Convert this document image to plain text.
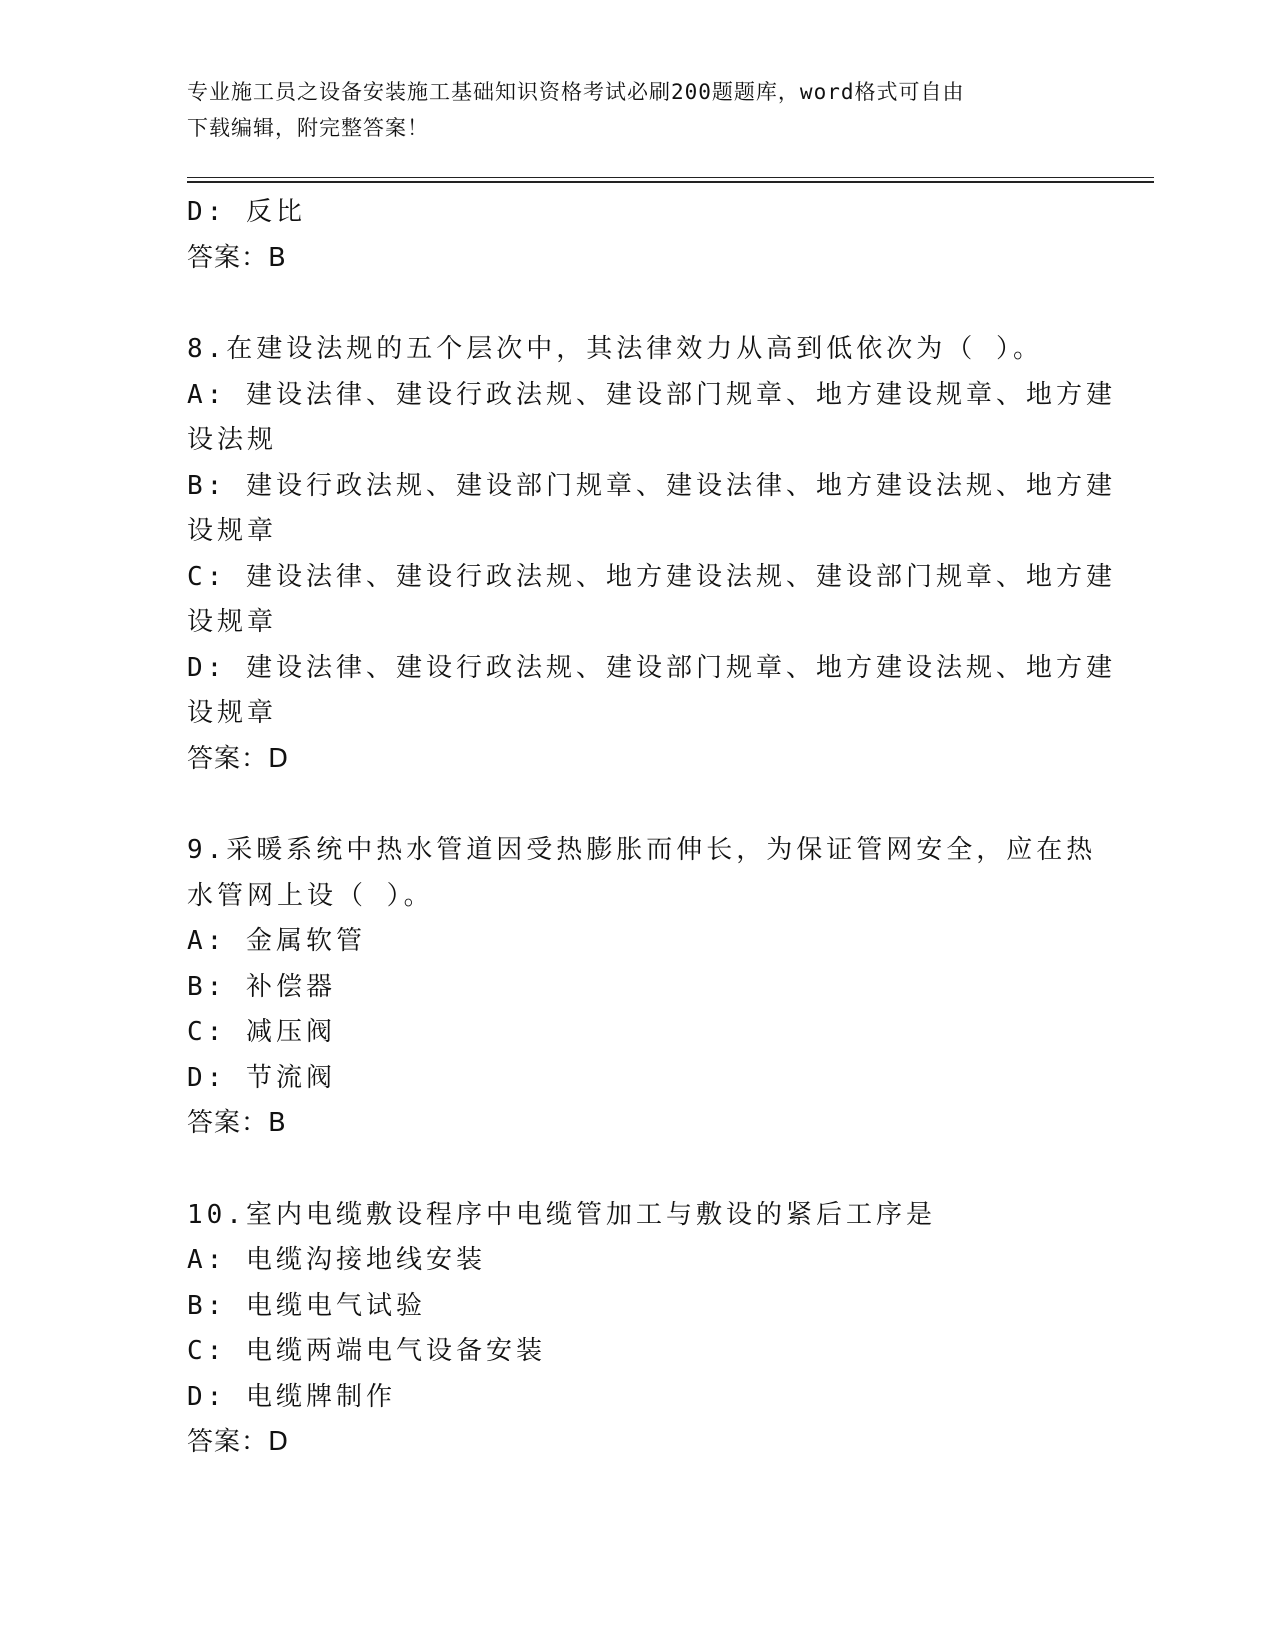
专业施工员之设备安装施工基础知识资格考试必刷200题题库，word格式可自由

下载编辑，附完整答案！

D: 反比

答案：B

8.在建设法规的五个层次中，其法律效力从高到低依次为（ ）。

A: 建设法律、建设行政法规、建设部门规章、地方建设规章、地方建

设法规

B: 建设行政法规、建设部门规章、建设法律、地方建设法规、地方建

设规章

C: 建设法律、建设行政法规、地方建设法规、建设部门规章、地方建

设规章

D: 建设法律、建设行政法规、建设部门规章、地方建设法规、地方建

设规章

答案：D

9.采暖系统中热水管道因受热膨胀而伸长，为保证管网安全，应在热

水管网上设（ ）。

A: 金属软管

B: 补偿器

C: 减压阀

D: 节流阀

答案：B

10.室内电缆敷设程序中电缆管加工与敷设的紧后工序是

A: 电缆沟接地线安装

B: 电缆电气试验

C: 电缆两端电气设备安装

D: 电缆牌制作

答案：D
